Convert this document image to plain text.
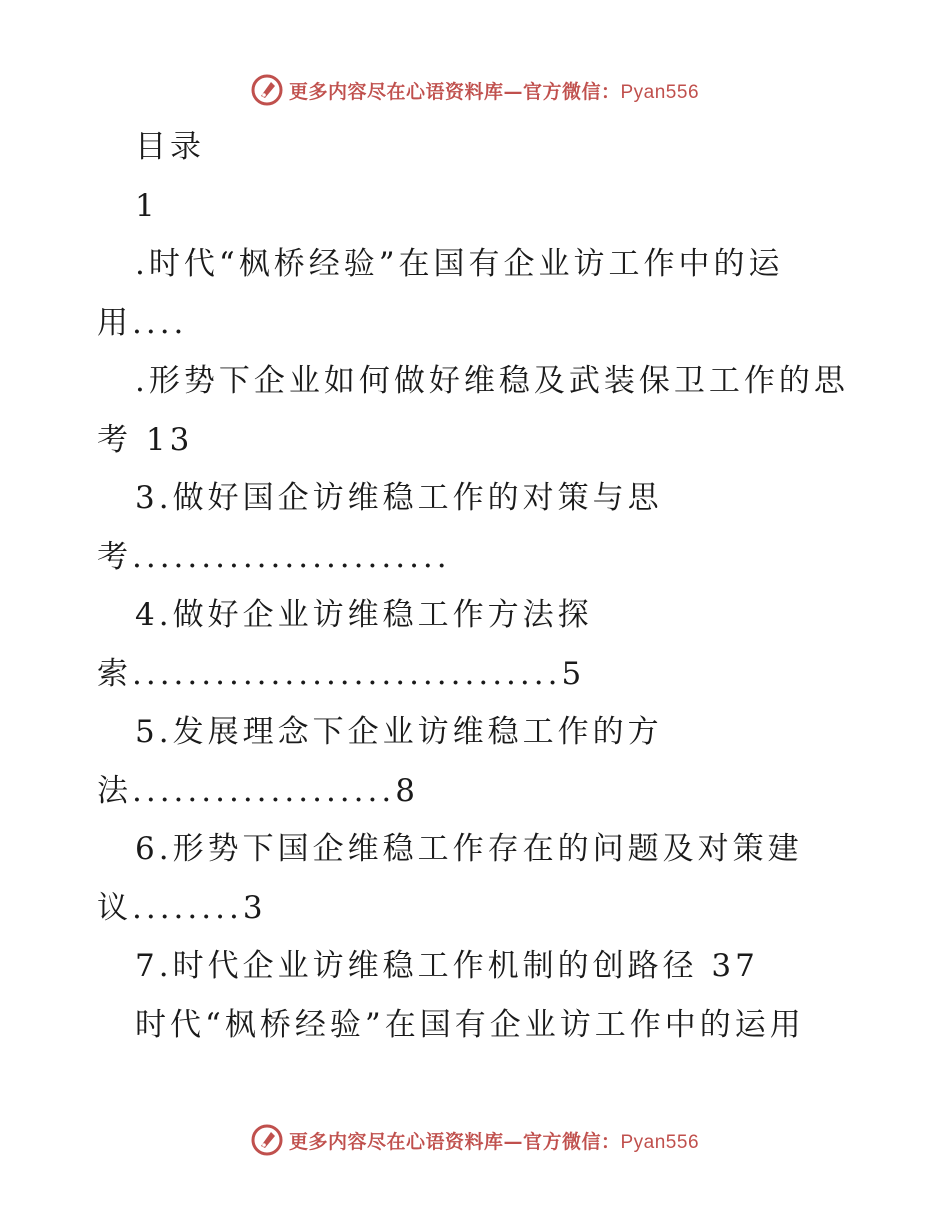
更多内容尽在心语资料库—官方微信：Pyan556
目录
1
.时代“枫桥经验”在国有企业访工作中的运
用....
.形势下企业如何做好维稳及武装保卫工作的思
考 13
3.做好国企访维稳工作的对策与思
考.......................
4.做好企业访维稳工作方法探
索...............................5
5.发展理念下企业访维稳工作的方
法...................8
6.形势下国企维稳工作存在的问题及对策建
议........3
7.时代企业访维稳工作机制的创路径 37
时代“枫桥经验”在国有企业访工作中的运用
更多内容尽在心语资料库—官方微信：Pyan556
